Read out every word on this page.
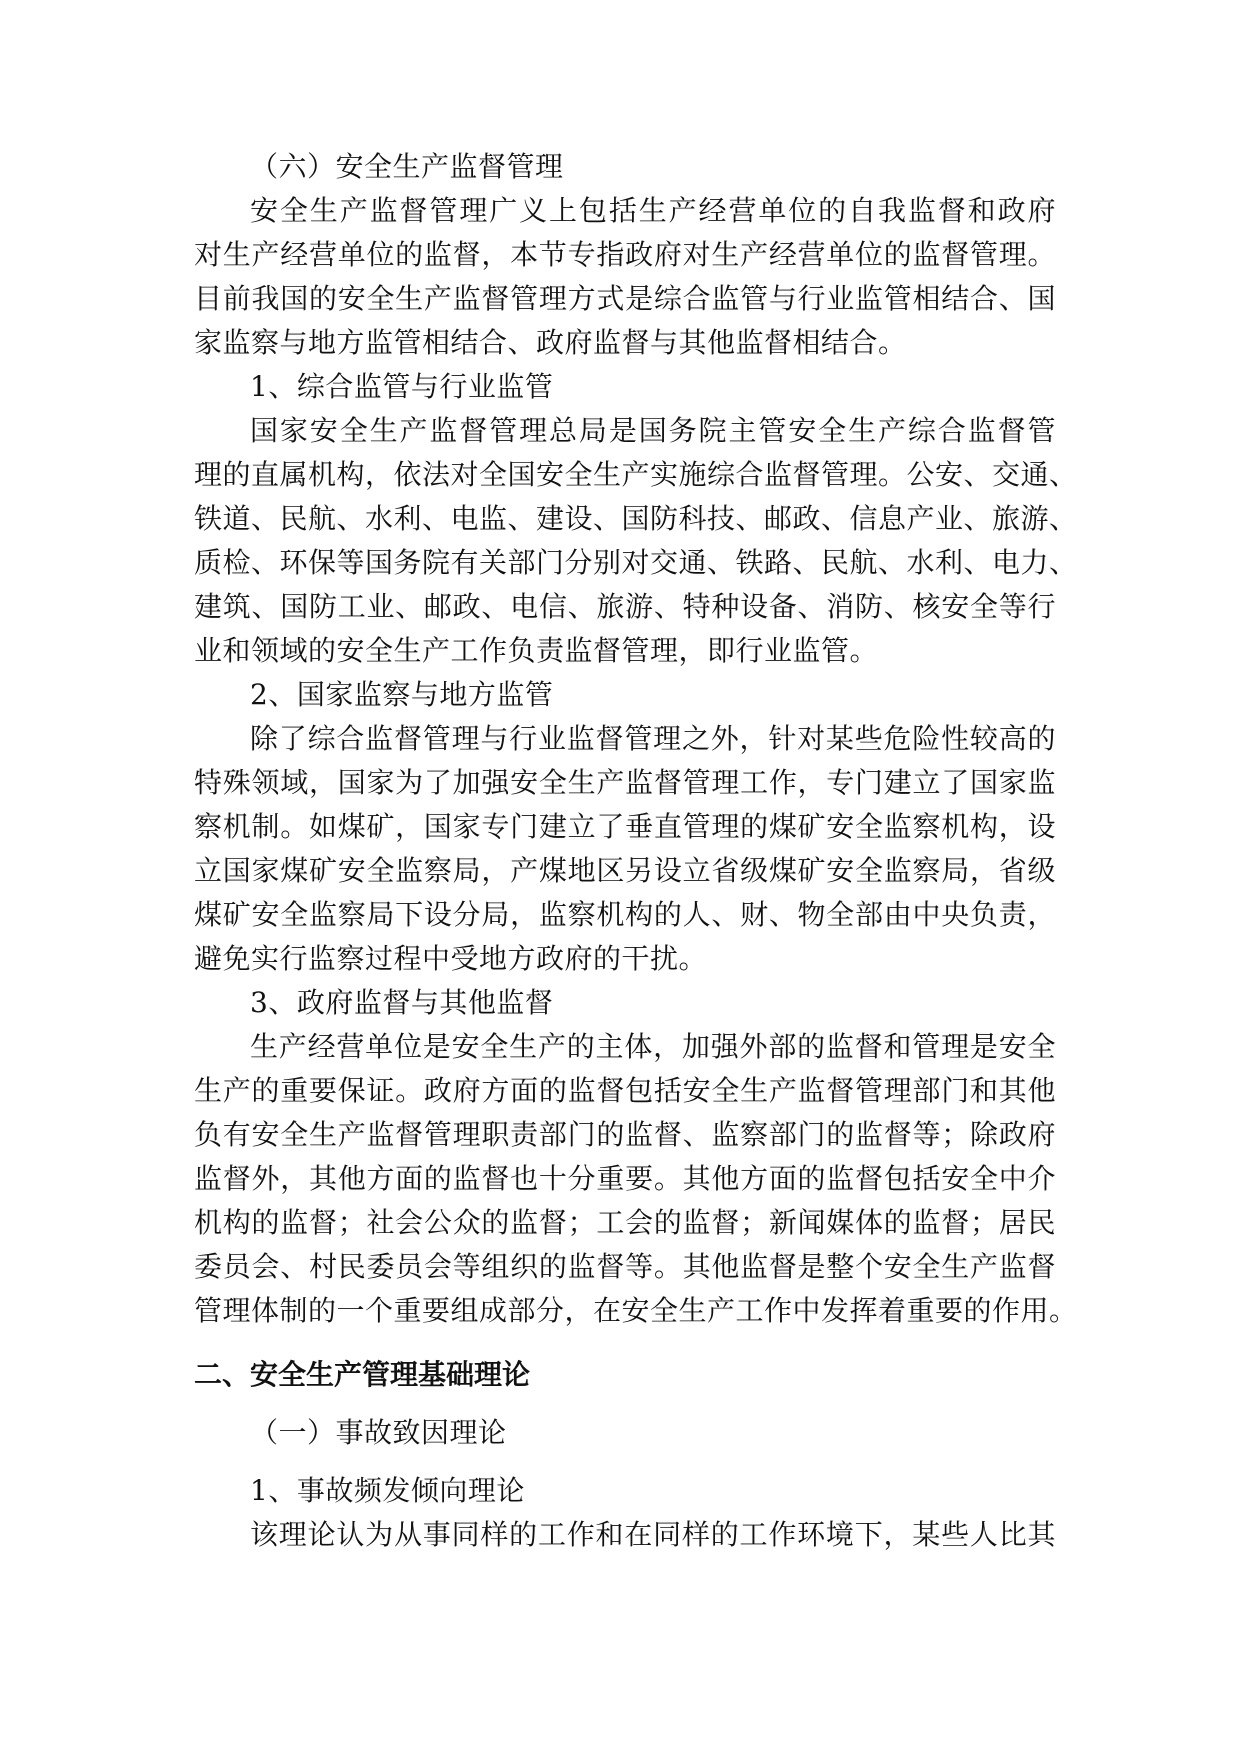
（六）安全生产监督管理
安全生产监督管理广义上包括生产经营单位的自我监督和政府
对生产经营单位的监督，本节专指政府对生产经营单位的监督管理。
目前我国的安全生产监督管理方式是综合监管与行业监管相结合、国
家监察与地方监管相结合、政府监督与其他监督相结合。
1、综合监管与行业监管
国家安全生产监督管理总局是国务院主管安全生产综合监督管
理的直属机构，依法对全国安全生产实施综合监督管理。公安、交通、
铁道、民航、水利、电监、建设、国防科技、邮政、信息产业、旅游、
质检、环保等国务院有关部门分别对交通、铁路、民航、水利、电力、
建筑、国防工业、邮政、电信、旅游、特种设备、消防、核安全等行
业和领域的安全生产工作负责监督管理，即行业监管。
2、国家监察与地方监管
除了综合监督管理与行业监督管理之外，针对某些危险性较高的
特殊领域，国家为了加强安全生产监督管理工作，专门建立了国家监
察机制。如煤矿，国家专门建立了垂直管理的煤矿安全监察机构，设
立国家煤矿安全监察局，产煤地区另设立省级煤矿安全监察局，省级
煤矿安全监察局下设分局，监察机构的人、财、物全部由中央负责，
避免实行监察过程中受地方政府的干扰。
3、政府监督与其他监督
生产经营单位是安全生产的主体，加强外部的监督和管理是安全
生产的重要保证。政府方面的监督包括安全生产监督管理部门和其他
负有安全生产监督管理职责部门的监督、监察部门的监督等；除政府
监督外，其他方面的监督也十分重要。其他方面的监督包括安全中介
机构的监督；社会公众的监督；工会的监督；新闻媒体的监督；居民
委员会、村民委员会等组织的监督等。其他监督是整个安全生产监督
管理体制的一个重要组成部分，在安全生产工作中发挥着重要的作用。
二、安全生产管理基础理论
（一）事故致因理论
1、事故频发倾向理论
该理论认为从事同样的工作和在同样的工作环境下，某些人比其
